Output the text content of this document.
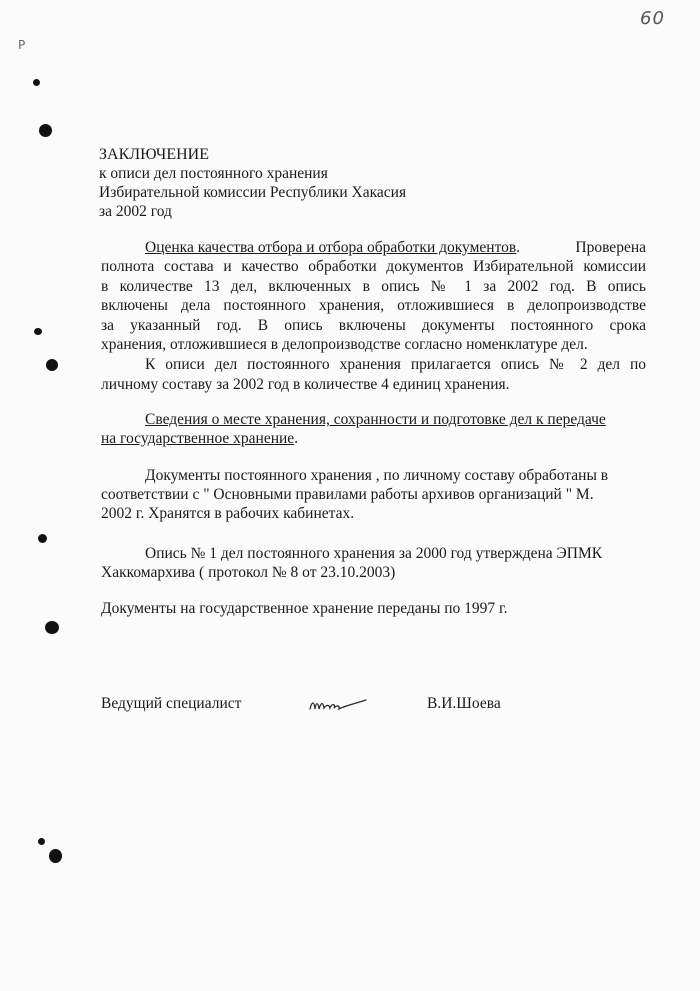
60
P
ЗАКЛЮЧЕНИЕ
к описи дел постоянного хранения
Избирательной комиссии Республики Хакасия
за 2002 год
Оценка качества отбора и отбора обработки документов.	Проверена
полнота состава и качество обработки документов Избирательной комиссии
в количестве 13 дел, включенных в опись № 1 за 2002 год. В опись
включены дела постоянного хранения, отложившиеся в делопроизводстве
за указанный год. В опись включены документы постоянного срока
хранения, отложившиеся в делопроизводстве согласно номенклатуре дел.
К описи дел постоянного хранения прилагается опись № 2 дел по
личному составу за 2002 год в количестве 4 единиц хранения.
Сведения о месте хранения, сохранности и подготовке дел к передаче
на государственное хранение.
Документы постоянного хранения , по личному составу обработаны в
соответствии с " Основными правилами работы архивов организаций " М.
2002 г. Хранятся в рабочих кабинетах.
Опись № 1 дел постоянного хранения за 2000 год утверждена ЭПМК
Хаккомархива ( протокол № 8 от 23.10.2003)
Документы на государственное хранение переданы по 1997 г.
Ведущий специалист	В.И.Шоева
